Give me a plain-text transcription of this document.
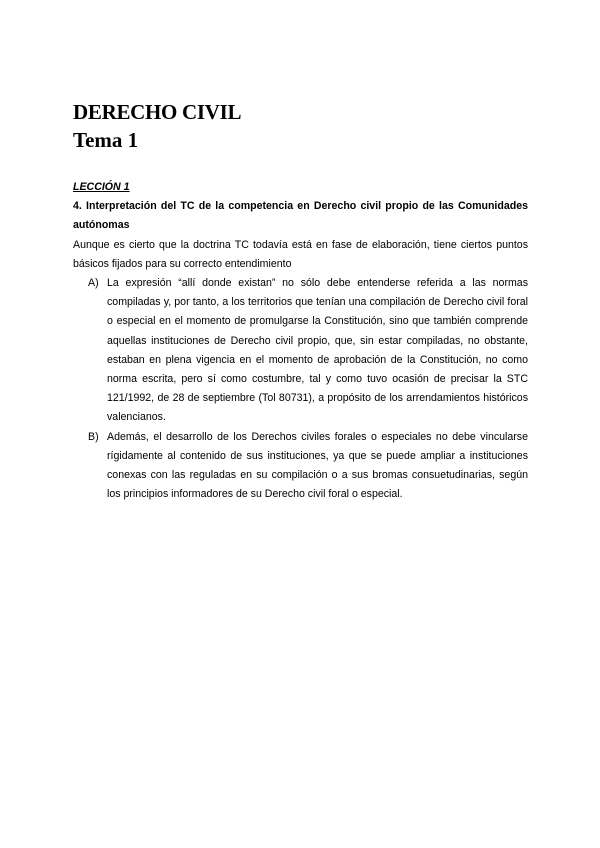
DERECHO CIVIL
Tema 1

LECCIÓN 1

4. Interpretación del TC de la competencia en Derecho civil propio de las Comunidades autónomas

Aunque es cierto que la doctrina TC todavía está en fase de elaboración, tiene ciertos puntos básicos fijados para su correcto entendimiento

A) La expresión “allí donde existan” no sólo debe entenderse referida a las normas compiladas y, por tanto, a los territorios que tenían una compilación de Derecho civil foral o especial en el momento de promulgarse la Constitución, sino que también comprende aquellas instituciones de Derecho civil propio, que, sin estar compiladas, no obstante, estaban en plena vigencia en el momento de aprobación de la Constitución, no como norma escrita, pero sí como costumbre, tal y como tuvo ocasión de precisar la STC 121/1992, de 28 de septiembre (Tol 80731), a propósito de los arrendamientos históricos valencianos.
B) Además, el desarrollo de los Derechos civiles forales o especiales no debe vincularse rígidamente al contenido de sus instituciones, ya que se puede ampliar a instituciones conexas con las reguladas en su compilación o a sus bromas consuetudinarias, según los principios informadores de su Derecho civil foral o especial.
